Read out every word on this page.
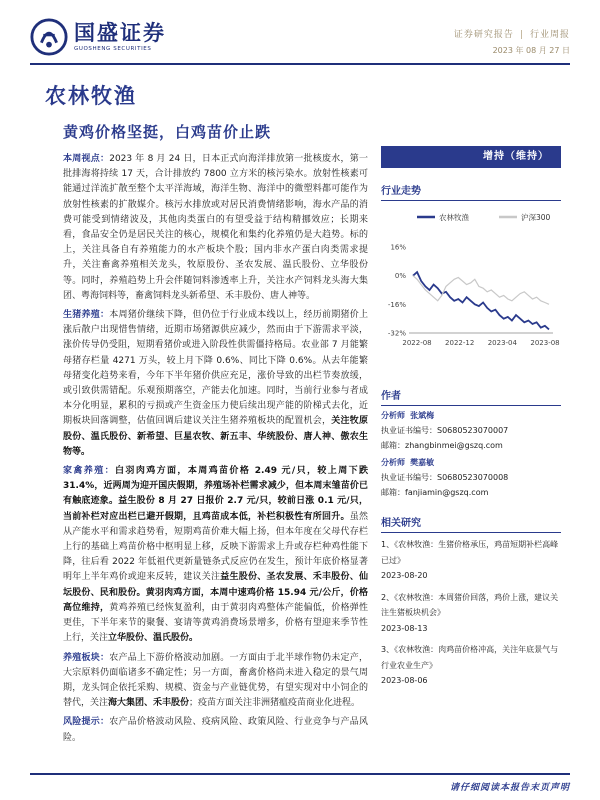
国盛证券
GUOSHENG SECURITIES
证券研究报告 | 行业周报
2023 年 08 月 27 日
农林牧渔
黄鸡价格坚挺，白鸡苗价止跌

本周视点：2023 年 8 月 24 日，日本正式向海洋排放第一批核废水，第一批排海将持续 17 天，合计排放约 7800 立方米的核污染水。放射性核素可能通过洋流扩散至整个太平洋海域，海洋生物、海洋中的微塑料都可能作为放射性核素的扩散媒介。核污水排放或对居民消费情绪影响，海水产品的消费可能受到情绪波及，其他肉类蛋白的有望受益于结构精挪效应；长期来看，食品安全仍是居民关注的核心，规模化和集约化养殖仍是大趋势。标的上，关注具备自有养殖能力的水产板块个股；国内非水产蛋白肉类需求提升，关注畜禽养殖相关龙头，牧原股份、圣农发展、温氏股份、立华股份等。同时，养殖趋势上升会伴随饲料渗透率上升，关注水产饲料龙头海大集团、粤海饲料等，畜禽饲料龙头新希望、禾丰股份、唐人神等。

生猪养殖：本周猪价继续下降，但仍位于行业成本线以上，经历前期猪价上涨后散户出现惜售情绪，近期市场猪源供应减少，然而由于下游需求平淡，涨价传导仍受阻，短期看猪价或进入阶段性供需僵持格局。农业部 7 月能繁母猪存栏量 4271 万头，较上月下降 0.6%、同比下降 0.6%。从去年能繁母猪变化趋势来看，今年下半年猪价供应充足，涨价导致的出栏节奏放缓，或引致供需错配。乐观预期落空，产能去化加速。同时，当前行业参与者成本分化明显，累积的亏损或产生资金压力使后续出现产能的阶梯式去化，近期板块回落调整，估值回调后建议关注生猪养殖板块的配置机会，关注牧原股份、温氏股份、新希望、巨星农牧、新五丰、华统股份、唐人神、傲农生物等。

家禽养殖：白羽肉鸡方面，本周鸡苗价格 2.49 元/只，较上周下跌 31.4%，近两周为迎开国庆假期，养殖场补栏需求减少，但本周末雏苗价已有触底迹象。益生股份 8 月 27 日报价 2.7 元/只，较前日涨 0.1 元/只，当前补栏对应出栏已避开假期，且鸡苗成本低，补栏积极性有所回升。虽然从产能水平和需求趋势看，短期鸡苗价难大幅上扬，但本年度在父母代存栏上行的基础上鸡苗价格中枢明显上移，反映下游需求上升或存栏种鸡性能下降，往后看 2022 年低祖代更新量链条式反应仍在发生，预计年底价格显著明年上半年鸡价或迎来反转，建议关注益生股份、圣农发展、禾丰股份、仙坛股份、民和股份。黄羽肉鸡方面，本周中速鸡价格 15.94 元/公斤，价格高位维持，黄鸡养殖已经恢复盈利，由于黄羽肉鸡整体产能偏低，价格弹性更佳，下半年来节的聚餐、宴请等黄鸡消费场景增多，价格有望迎来季节性上行，关注立华股份、温氏股份。

养殖板块：农产品上下游价格波动加剧。一方面由于北半球作物仍未定产，大宗原料仍面临诸多不确定性；另一方面，畜禽价格尚未进入稳定的景气周期，龙头饲企依托采购、规模、资金与产业链优势，有望实现对中小饲企的替代，关注海大集团、禾丰股份；疫苗方面关注非洲猪瘟疫苗商业化进程。

风险提示：农产品价格波动风险、疫病风险、政策风险、行业竞争与产品风险。

增持（维持）
行业走势
农林牧渔	沪深300
16%
0%
-16%
-32%
2022-08 2022-12 2023-04 2023-08
作者
分析师 张斌梅
执业证书编号：S0680523070007
邮箱：zhangbinmei@gszq.com
分析师 樊嘉敏
执业证书编号：S0680523070008
邮箱：fanjiamin@gszq.com
相关研究
1、《农林牧渔：生猪价格承压，鸡苗短期补栏高峰已过》
2023-08-20
2、《农林牧渔：本周猪价回落，鸡价上涨，建议关注生猪板块机会》
2023-08-13
3、《农林牧渔：肉鸡苗价格冲高，关注年底景气与行业农业生产》
2023-08-06
请仔细阅读本报告末页声明
